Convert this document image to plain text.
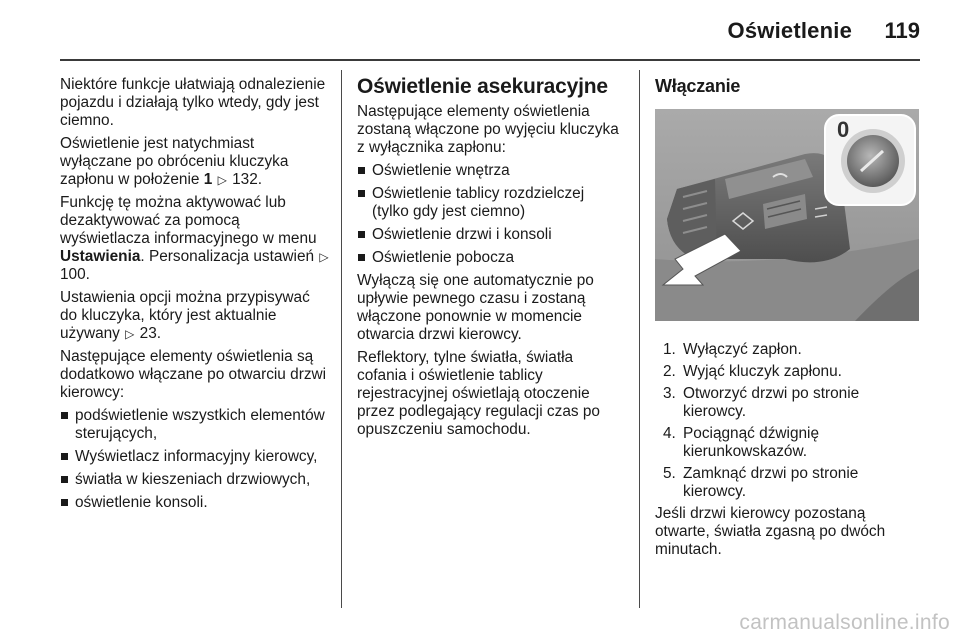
Oświetlenie	119

Niektóre funkcje ułatwiają odnalezienie pojazdu i działają tylko wtedy, gdy jest ciemno.

Oświetlenie jest natychmiast wyłączane po obróceniu kluczyka zapłonu w położenie 1 ▷ 132.

Funkcję tę można aktywować lub dezaktywować za pomocą wyświetlacza informacyjnego w menu Ustawienia. Personalizacja ustawień ▷ 100.

Ustawienia opcji można przypisywać do kluczyka, który jest aktualnie używany ▷ 23.

Następujące elementy oświetlenia są dodatkowo włączane po otwarciu drzwi kierowcy:

podświetlenie wszystkich elementów sterujących,
Wyświetlacz informacyjny kierowcy,
światła w kieszeniach drzwiowych,
oświetlenie konsoli.
Oświetlenie asekuracyjne

Następujące elementy oświetlenia zostaną włączone po wyjęciu kluczyka z wyłącznika zapłonu:

Oświetlenie wnętrza
Oświetlenie tablicy rozdzielczej (tylko gdy jest ciemno)
Oświetlenie drzwi i konsoli
Oświetlenie pobocza

Wyłączą się one automatycznie po upływie pewnego czasu i zostaną włączone ponownie w momencie otwarcia drzwi kierowcy.

Reflektory, tylne światła, światła cofania i oświetlenie tablicy rejestracyjnej oświetlają otoczenie przez podlegający regulacji czas po opuszczeniu samochodu.

Włączanie
0
1. Wyłączyć zapłon.
2. Wyjąć kluczyk zapłonu.
3. Otworzyć drzwi po stronie kierowcy.
4. Pociągnąć dźwignię kierunkowskazów.
5. Zamknąć drzwi po stronie kierowcy.

Jeśli drzwi kierowcy pozostaną otwarte, światła zgasną po dwóch minutach.

carmanualsonline.info
